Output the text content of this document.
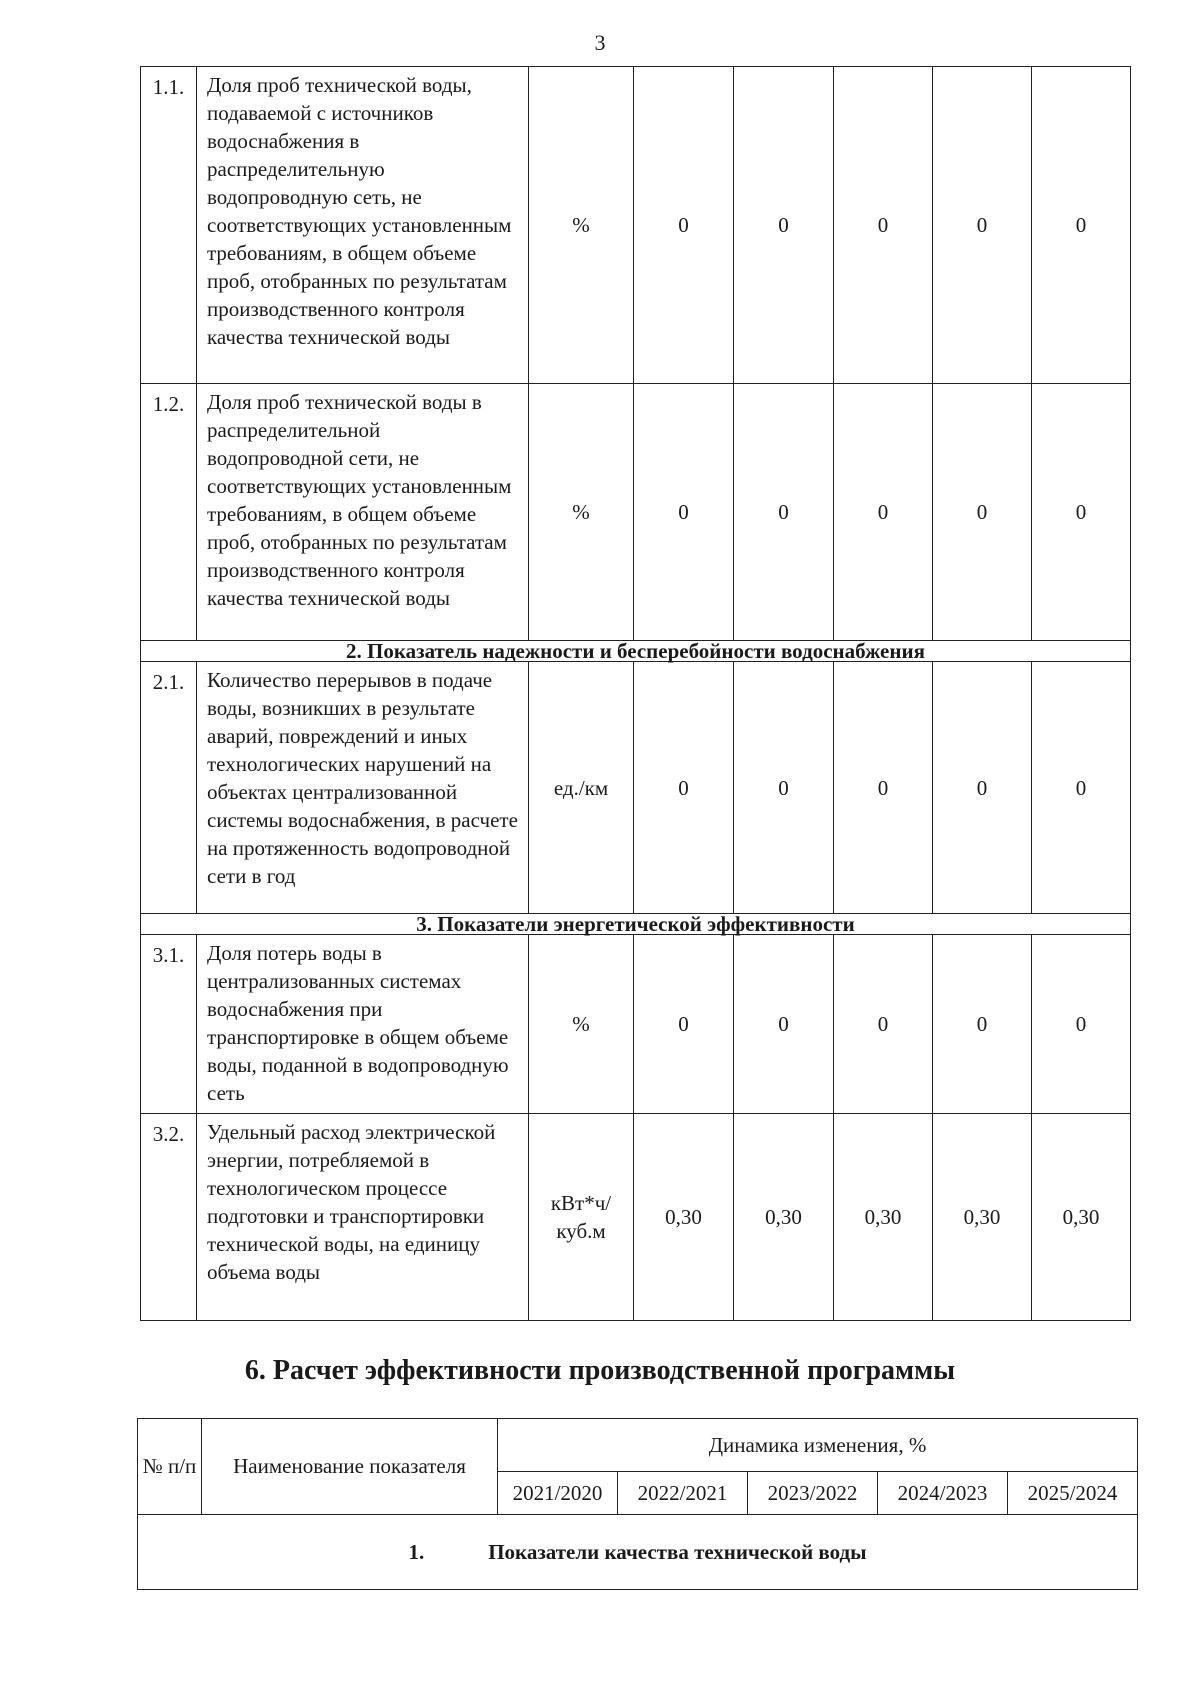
3
1.1.	Доля проб технической воды, подаваемой с источников водоснабжения в распределительную водопроводную сеть, не соответствующих установленным требованиям, в общем объеме проб, отобранных по результатам производственного контроля качества технической воды	%	0	0	0	0	0
1.2.	Доля проб технической воды в распределительной водопроводной сети, не соответствующих установленным требованиям, в общем объеме проб, отобранных по результатам производственного контроля качества технической воды	%	0	0	0	0	0
2. Показатель надежности и бесперебойности водоснабжения							
2.1.	Количество перерывов в подаче воды, возникших в результате аварий, повреждений и иных технологических нарушений на объектах централизованной системы водоснабжения, в расчете на протяженность водопроводной сети в год	ед./км	0	0	0	0	0
3. Показатели энергетической эффективности							
3.1.	Доля потерь воды в централизованных системах водоснабжения при транспортировке в общем объеме воды, поданной в водопроводную сеть	%	0	0	0	0	0
3.2.	Удельный расход электрической энергии, потребляемой в технологическом процессе подготовки и транспортировки технической воды, на единицу объема воды	кВт*ч/ куб.м	0,30	0,30	0,30	0,30	0,30
6. Расчет эффективности производственной программы
№ п/п	Наименование показателя	Динамика изменения, %				
		2021/2020	2022/2021	2023/2022	2024/2023	2025/2024
1. Показатели качества технической воды						
